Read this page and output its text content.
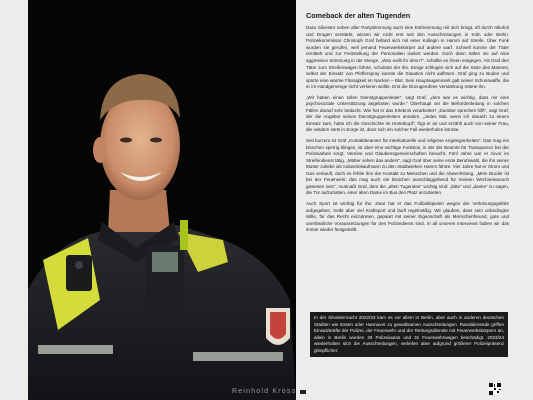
Reinhold Kross
Comeback der alten Tugenden

Dass Silvester neben aller Partystimmung auch eine Enthemmung mit sich bringt, oft durch Alkohol und Drogen verstärkt, wissen wir nicht erst seit den Ausschreitungen in Köln oder Berlin. Polizeikommissar Christoph Graf befand sich mit einer Kollegin in Hamm auf Streife. Über Funk wurden sie gerufen, weil jemand Feuerwerkskörper auf andere warf. Schnell konnte der Täter ermittelt und zur Feststellung der Personalien isoliert werden. Doch dann trafen sie auf eine aggressive Stimmung in der Menge. „Was wollt ihr denn?“, schallte es ihnen entgegen. Als Graf den Täter zum Streifenwagen führte, schubste der ihn. Einige schlugen sich auf die Seite des Mannes, selbst der Einsatz von Pfefferspray konnte die Situation nicht auflösen. Graf ging zu Boden und spürte eine warme Flüssigkeit im Nacken – Blut. Sein Hauptaugenmerk galt seiner Schusswaffe, die er im Handgemenge nicht verlieren wollte. Erst die hinzugerufene Verstärkung rettete ihn.

„Wir haben einen tollen Dienstgruppenleiter“, sagt Graf, „dem war es wichtig, dass mir eine psychosoziale Unterstützung angeboten wurde.“ Überhaupt sei die Behördenleitung in solchen Fällen darauf sehr bedacht. Wie hat er das Erlebnis verarbeitet? „Darüber sprechen hilft“, sagt Graf, der die Angebot seines Dienstgruppenleiters annahm. „Jedes Mal, wenn ich danach zu einem Einsatz kam, hatte ich die Geschichte im Hinterkopf“, fügt er an und erzählt auch von seiner Frau, die seitdem stets in Sorge ist, dass sich ein solcher Fall wiederholen könnte.

Seit kurzem ist Graf „Kontaktbeamter für interkulturelle und religiöse Angelegenheiten“. Das mag ein bisschen sperrig klingen, ist aber eine wichtige Funktion, in der der Beamte für Transparenz bei der Polizeiarbeit sorgt. Vereine und Glaubensgemeinschaften besucht. Fünf Jahre war er zuvor im Streifendienst tätig. „Mütter sehen das anders“, sagt Graf über seine erste Berufswahl, die ihn seiner Mutter zuliebe als Industriekaufmann zu den Stadtwerken Hamm führte. Vier Jahre hat er Strom und Gas verkauft, doch es fehlte ihm der Kontakt zu Menschen und die Abwechslung. „Mein Bruder ist bei der Feuerwehr, das mag auch ein bisschen ausschlaggebend für meinen Wechselwunsch gewesen sein“, mutmaßt Graf, dem die „alten Tugenden“ wichtig sind: „bitte“ und „danke“ zu sagen, die Tür aufzuhalten, einer alten Dame im Bus den Platz anzubieten.

Auch Sport ist wichtig für ihn. Zwar hat er das Fußballspielen wegen der Verletzungsgefahr aufgegeben, treibt aber viel Kraftsport und läuft regelmäßig. Wir glauben, dass sein unbedingter Wille, für das Recht einzutreten, gepaart mit seiner Eigenschaft als Menschenfreund, gute und unerlässliche Voraussetzungen für den Polizeidienst sind. In all unseren Interviews haben wir das immer wieder festgestellt.

In der Silvesternacht 2022/23 kam es vor allem in Berlin, aber auch in anderen deutschen Städten wie Essen oder Hannover zu gewaltsamen Ausschreitungen. Randalierende griffen Einsatzkräfte der Polizei, der Feuerwehr und der Rettungsdienste mit Feuerwerkskörpern an, allein in Berlin wurden 26 Polizeiautos und 31 Feuerwehrwagen beschädigt. 2023/24 wiederholten sich die Ausschreitungen, verliefen aber aufgrund größerer Polizeipräsenz glimpflicher.
